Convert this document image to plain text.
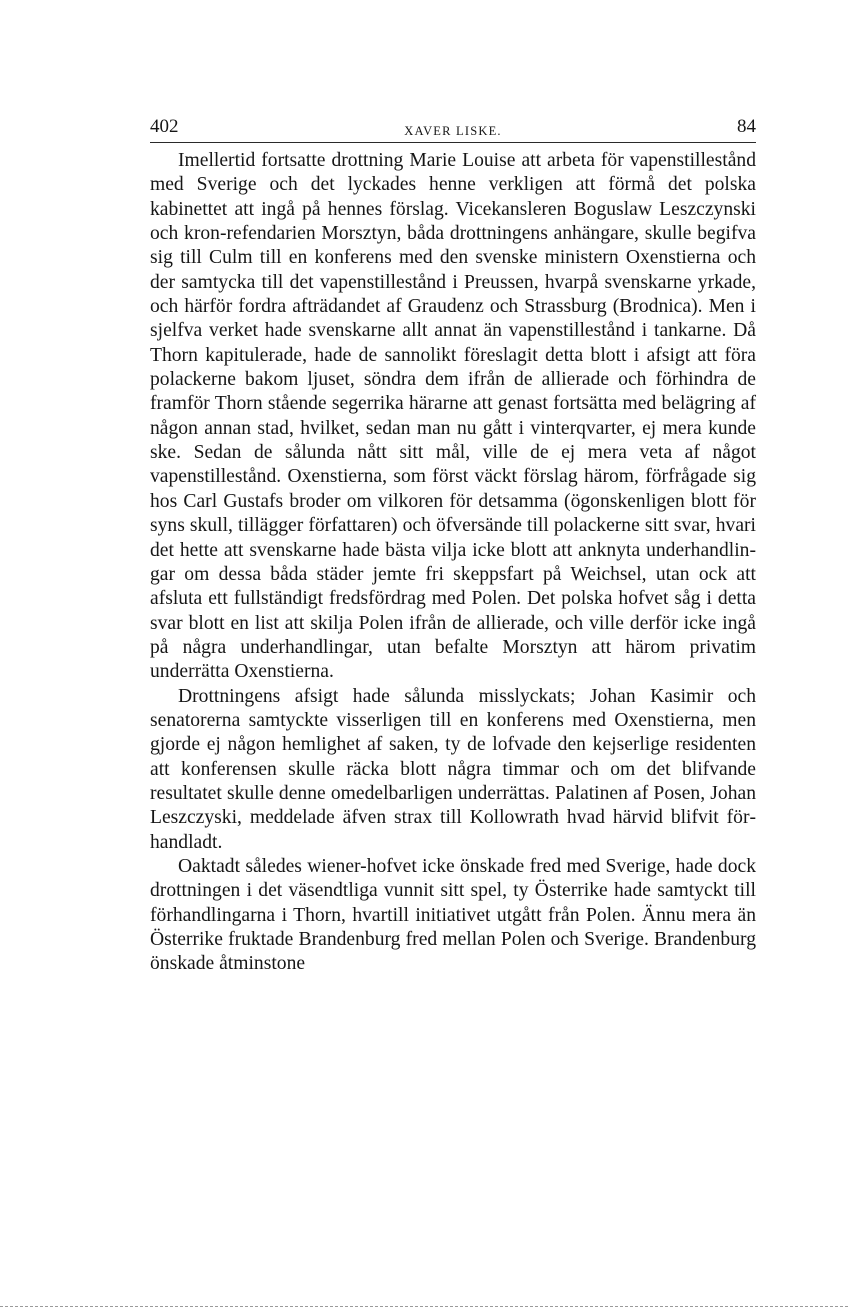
402	XAVER LISKE.	84

Imellertid fortsatte drottning Marie Louise att arbeta för vapenstillestånd med Sverige och det lyckades henne verkligen att förmå det polska kabinettet att ingå på hennes förslag. Vicekansleren Boguslaw Leszczynski och kron-refendarien Morsztyn, båda drottningens anhängare, skulle begifva sig till Culm till en konferens med den svenske ministern Oxenstierna och der samtycka till det vapenstillestånd i Preussen, hvarpå svenskarne yrkade, och härför fordra afträdandet af Graudenz och Strassburg (Brodnica). Men i sjelfva verket hade svenskarne allt annat än vapenstillestånd i tankarne. Då Thorn kapitulerade, hade de sannolikt föreslagit detta blott i afsigt att föra polackerne bakom ljuset, söndra dem ifrån de allierade och förhindra de framför Thorn stående segerrika härarne att genast fortsätta med belägring af någon annan stad, hvilket, sedan man nu gått i vinterqvarter, ej mera kunde ske. Sedan de sålunda nått sitt mål, ville de ej mera veta af något vapenstillestånd. Oxenstierna, som först väckt förslag härom, förfrågade sig hos Carl Gustafs broder om vilkoren för detsamma (ögonskenligen blott för syns skull, tillägger författaren) och öfversände till polackerne sitt svar, hvari det hette att svenskarne hade bästa vilja icke blott att anknyta underhandlingar om dessa båda städer jemte fri skeppsfart på Weichsel, utan ock att afsluta ett fullständigt fredsfördrag med Polen. Det polska hofvet såg i detta svar blott en list att skilja Polen ifrån de allierade, och ville derför icke ingå på några underhandlingar, utan befalte Morsztyn att härom privatim underrätta Oxenstierna.

Drottningens afsigt hade sålunda misslyckats; Johan Kasimir och senatorerna samtyckte visserligen till en konferens med Oxenstierna, men gjorde ej någon hemlighet af saken, ty de lofvade den kejserlige residenten att konferensen skulle räcka blott några timmar och om det blifvande resultatet skulle denne omedelbarligen underrättas. Palatinen af Posen, Johan Leszczyski, meddelade äfven strax till Kollowrath hvad härvid blifvit förhandladt.

Oaktadt således wiener-hofvet icke önskade fred med Sverige, hade dock drottningen i det väsendtliga vunnit sitt spel, ty Österrike hade samtyckt till förhandlingarna i Thorn, hvartill initiativet utgått från Polen. Ännu mera än Österrike fruktade Brandenburg fred mellan Polen och Sverige. Brandenburg önskade åtminstone
